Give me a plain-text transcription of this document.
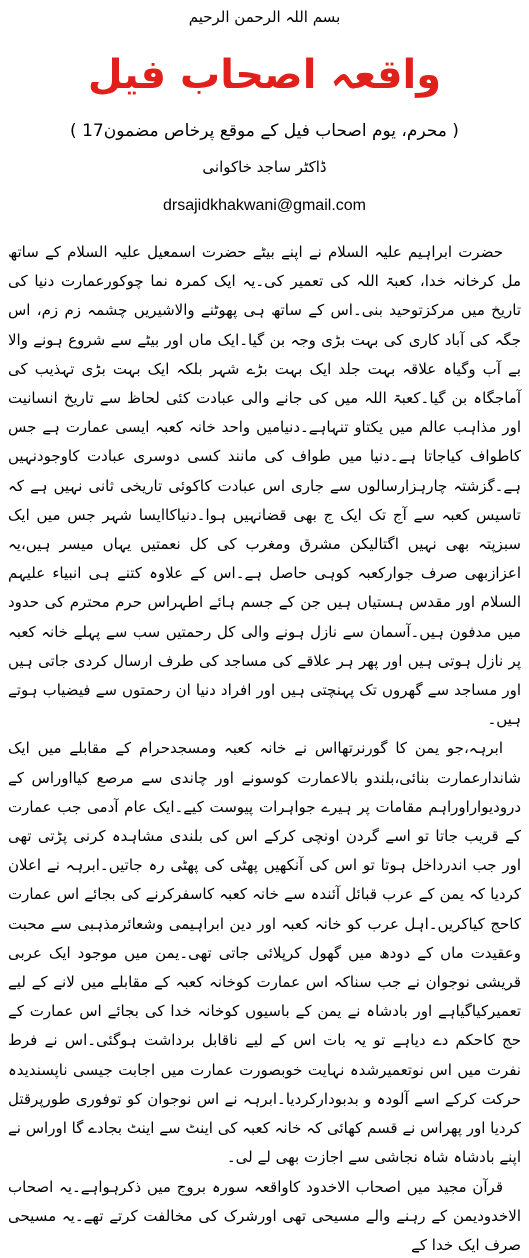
بسم اللہ الرحمن الرحیم
واقعہ اصحاب فیل
( 17محرم، یوم اصحاب فیل کے موقع پرخاص مضمون )
ڈاکٹر ساجد خاکوانی
drsajidkhakwani@gmail.com

حضرت ابراہیم علیہ السلام نے اپنے بیٹے حضرت اسمعیل علیہ السلام کے ساتھ مل کرخانہ خدا، کعبۃ اللہ کی تعمیر کی۔یہ ایک کمرہ نما چوکورعمارت دنیا کی تاریخ میں مرکزتوحید بنی۔اس کے ساتھ ہی پھوٹنے والاشیریں چشمہ زم زم، اس جگہ کی آباد کاری کی بہت بڑی وجہ بن گیا۔ایک ماں اور بیٹے سے شروع ہونے والا بے آب وگیاہ علاقہ بہت جلد ایک بہت بڑے شہر بلکہ ایک بہت بڑی تہذیب کی آماجگاہ بن گیا۔کعبۃ اللہ میں کی جانے والی عبادت کئی لحاظ سے تاریخ انسانیت اور مذاہب عالم میں یکتاو تنہاہے۔دنیامیں واحد خانہ کعبہ ایسی عمارت ہے جس کاطواف کیاجاتا ہے۔دنیا میں طواف کی مانند کسی دوسری عبادت کاوجودنہیں ہے۔گزشتہ چارہزارسالوں سے جاری اس عبادت کاکوئی تاریخی ثانی نہیں ہے کہ تاسیس کعبہ سے آج تک ایک ج بھی قضانہیں ہوا۔دنیاکاایسا شہر جس میں ایک سبزپتہ بھی نہیں اگتالیکن مشرق ومغرب کی کل نعمتیں یہاں میسر ہیں،یہ اعزازبھی صرف جوارکعبہ کوہی حاصل ہے۔اس کے علاوہ کتنے ہی انبیاء علیہم السلام اور مقدس ہستیاں ہیں جن کے جسم ہائے اطہراس حرم محترم کی حدود میں مدفون ہیں۔آسمان سے نازل ہونے والی کل رحمتیں سب سے پہلے خانہ کعبہ پر نازل ہوتی ہیں اور پھر ہر علاقے کی مساجد کی طرف ارسال کردی جاتی ہیں اور مساجد سے گھروں تک پہنچتی ہیں اور افراد دنیا ان رحمتوں سے فیضیاب ہوتے ہیں۔

ابرہہ،جو یمن کا گورنرتھااس نے خانہ کعبہ ومسجدحرام کے مقابلے میں ایک شاندارعمارت بنائی،بلندو بالاعمارت کوسونے اور چاندی سے مرصع کیااوراس کے درودیواراوراہم مقامات پر ہیرے جواہرات پیوست کیے۔ایک عام آدمی جب عمارت کے قریب جاتا تو اسے گردن اونچی کرکے اس کی بلندی مشاہدہ کرنی پڑتی تھی اور جب اندرداخل ہوتا تو اس کی آنکھیں پھٹی کی پھٹی رہ جاتیں۔ابرہہ نے اعلان کردیا کہ یمن کے عرب قبائل آئندہ سے خانہ کعبہ کاسفرکرنے کی بجائے اس عمارت کاحج کیاکریں۔اہل عرب کو خانہ کعبہ اور دین ابراہیمی وشعائرمذہبی سے محبت وعقیدت ماں کے دودھ میں گھول کرپلائی جاتی تھی۔یمن میں موجود ایک عربی قریشی نوجوان نے جب سناکہ اس عمارت کوخانہ کعبہ کے مقابلے میں لانے کے لیے تعمیرکیاگیاہے اور بادشاہ نے یمن کے باسیوں کوخانہ خدا کی بجائے اس عمارت کے حج کاحکم دے دیاہے تو یہ بات اس کے لیے ناقابل برداشت ہوگئی۔اس نے فرط نفرت میں اس نوتعمیرشدہ نہایت خوبصورت عمارت میں اجابت جیسی ناپسندیدہ حرکت کرکے اسے آلودہ و بدبودارکردیا۔ابرہہ نے اس نوجوان کو توفوری طورپرقتل کردیا اور پھراس نے قسم کھائی کہ خانہ کعبہ کی اینٹ سے اینٹ بجادے گا اوراس نے اپنے بادشاہ شاہ نجاشی سے اجازت بھی لے لی۔

قرآن مجید میں اصحاب الاخدود کاواقعہ سورہ بروج میں ذکرہواہے۔یہ اصحاب الاخدودیمن کے رہنے والے مسیحی تھی اورشرک کی مخالفت کرتے تھے۔یہ مسیحی صرف ایک خدا کے
